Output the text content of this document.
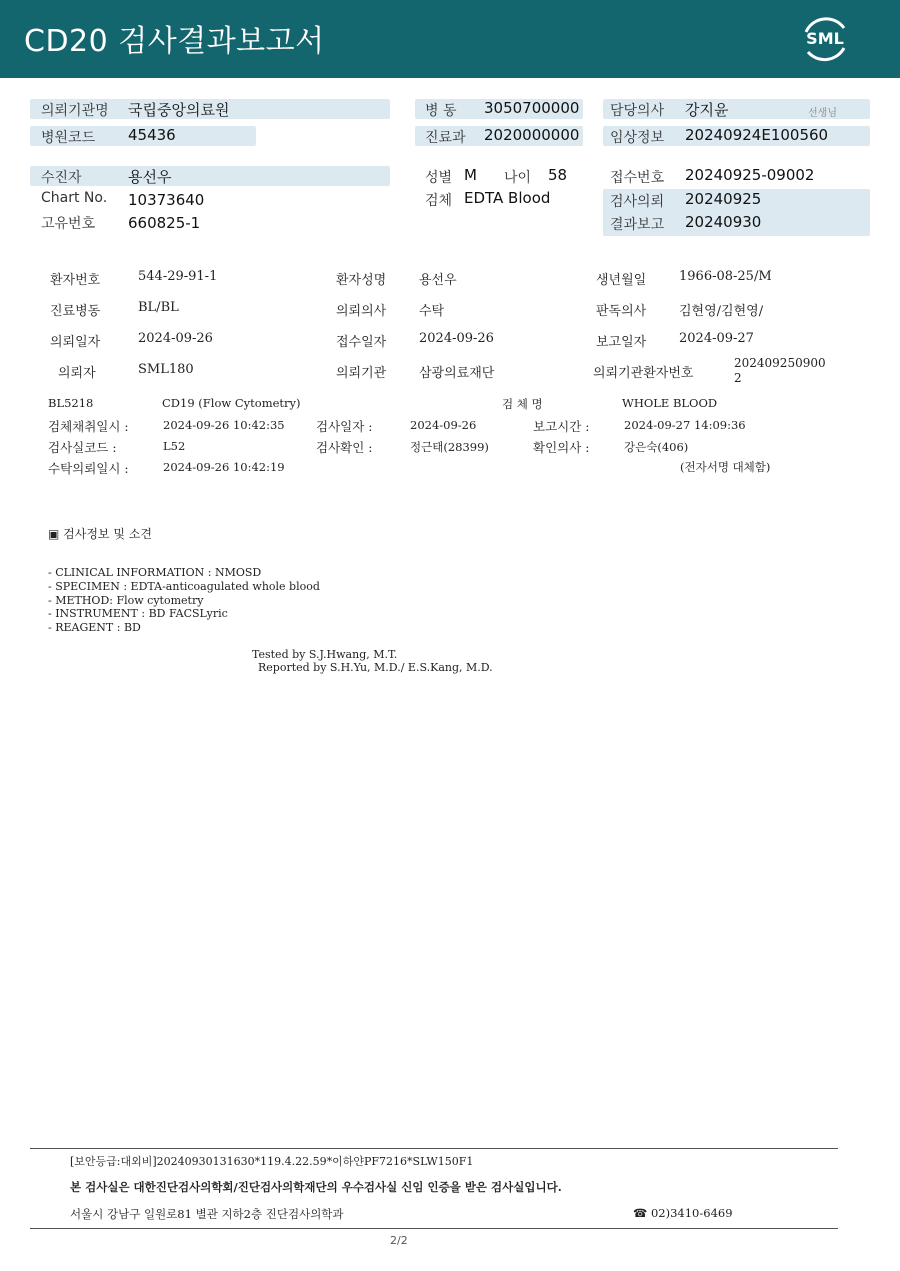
CD20 검사결과보고서	SML
의뢰기관명 국립중앙의료원
병원코드 45436
병 동 3050700000
진료과 2020000000
담당의사 강지윤	선생님
임상정보 20240924E100560
수진자	용선우
Chart No. 10373640
고유번호 660825-1
성별 M 나이 58
검체 EDTA Blood
접수번호 20240925-09002
검사의뢰 20240925
결과보고 20240930
환자번호	544-29-91-1	환자성명	용선우	생년월일	1966-08-25/M
진료병동	BL/BL	의뢰의사	수탁	판독의사	김현영/김현영/
의뢰일자	2024-09-26	접수일자	2024-09-26	보고일자	2024-09-27
의뢰자	SML180	의뢰기관	삼광의료재단	의뢰기관환자번호
202409250900
2
BL5218	CD19 (Flow Cytometry)	검 체 명	WHOLE BLOOD
검체채취일시 :	2024-09-26 10:42:35	검사일자 :	2024-09-26	보고시간 :	2024-09-27 14:09:36
검사실코드 :	L52	검사확인 :	정근태(28399)	확인의사 :	강은숙(406)
수탁의뢰일시 :	2024-09-26 10:42:19	(전자서명 대체함)
▣ 검사정보 및 소견
- CLINICAL INFORMATION : NMOSD
- SPECIMEN : EDTA-anticoagulated whole blood
- METHOD: Flow cytometry
- INSTRUMENT : BD FACSLyric
- REAGENT : BD
Tested by S.J.Hwang, M.T.
Reported by S.H.Yu, M.D./ E.S.Kang, M.D.
[보안등급:대외비]20240930131630*119.4.22.59*이하얀PF7216*SLW150F1
본 검사실은 대한진단검사의학회/진단검사의학재단의 우수검사실 신임 인증을 받은 검사실입니다.
서울시 강남구 일원로81 별관 지하2층 진단검사의학과	☎ 02)3410-6469
2/2
